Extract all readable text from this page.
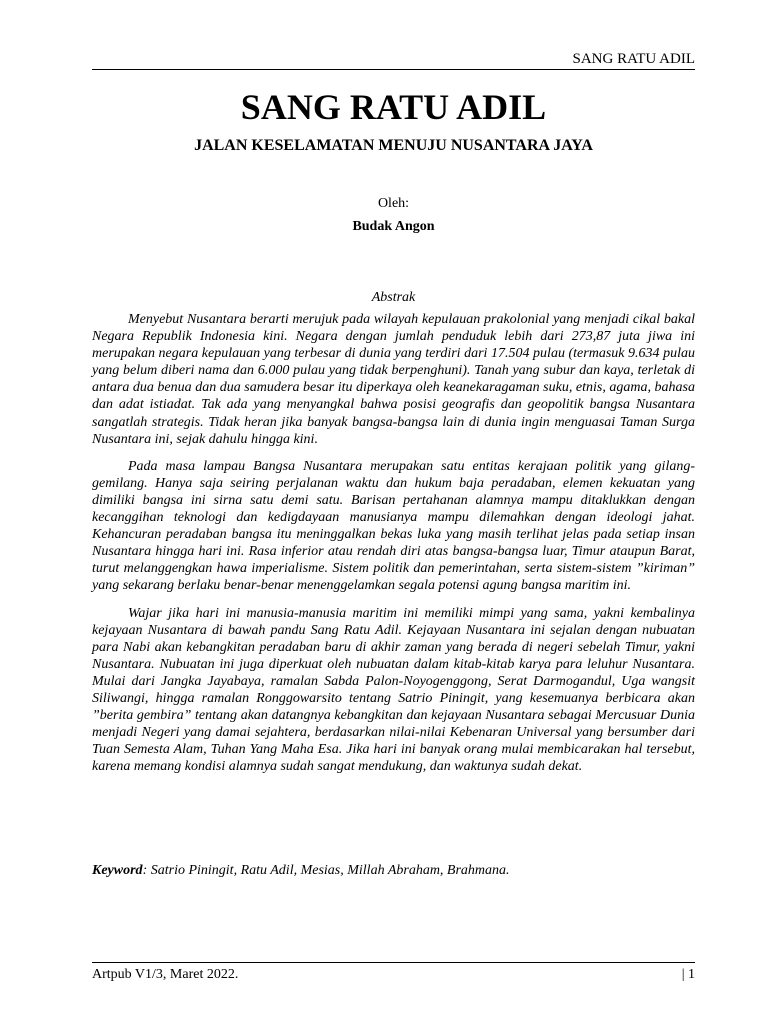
SANG RATU ADIL
SANG RATU ADIL
JALAN KESELAMATAN MENUJU NUSANTARA JAYA
Oleh:
Budak Angon
Abstrak

Menyebut Nusantara berarti merujuk pada wilayah kepulauan prakolonial yang menjadi cikal bakal Negara Republik Indonesia kini. Negara dengan jumlah penduduk lebih dari 273,87 juta jiwa ini merupakan negara kepulauan yang terbesar di dunia yang terdiri dari 17.504 pulau (termasuk 9.634 pulau yang belum diberi nama dan 6.000 pulau yang tidak berpenghuni). Tanah yang subur dan kaya, terletak di antara dua benua dan dua samudera besar itu diperkaya oleh keanekaragaman suku, etnis, agama, bahasa dan adat istiadat. Tak ada yang menyangkal bahwa posisi geografis dan geopolitik bangsa Nusantara sangatlah strategis. Tidak heran jika banyak bangsa-bangsa lain di dunia ingin menguasai Taman Surga Nusantara ini, sejak dahulu hingga kini.

Pada masa lampau Bangsa Nusantara merupakan satu entitas kerajaan politik yang gilang-gemilang. Hanya saja seiring perjalanan waktu dan hukum baja peradaban, elemen kekuatan yang dimiliki bangsa ini sirna satu demi satu. Barisan pertahanan alamnya mampu ditaklukkan dengan kecanggihan teknologi dan kedigdayaan manusianya mampu dilemahkan dengan ideologi jahat. Kehancuran peradaban bangsa itu meninggalkan bekas luka yang masih terlihat jelas pada setiap insan Nusantara hingga hari ini. Rasa inferior atau rendah diri atas bangsa-bangsa luar, Timur ataupun Barat, turut melanggengkan hawa imperialisme. Sistem politik dan pemerintahan, serta sistem-sistem ”kiriman” yang sekarang berlaku benar-benar menenggelamkan segala potensi agung bangsa maritim ini.

Wajar jika hari ini manusia-manusia maritim ini memiliki mimpi yang sama, yakni kembalinya kejayaan Nusantara di bawah pandu Sang Ratu Adil. Kejayaan Nusantara ini sejalan dengan nubuatan para Nabi akan kebangkitan peradaban baru di akhir zaman yang berada di negeri sebelah Timur, yakni Nusantara. Nubuatan ini juga diperkuat oleh nubuatan dalam kitab-kitab karya para leluhur Nusantara. Mulai dari Jangka Jayabaya, ramalan Sabda Palon-Noyogenggong, Serat Darmogandul, Uga wangsit Siliwangi, hingga ramalan Ronggowarsito tentang Satrio Piningit, yang kesemuanya berbicara akan ”berita gembira” tentang akan datangnya kebangkitan dan kejayaan Nusantara sebagai Mercusuar Dunia menjadi Negeri yang damai sejahtera, berdasarkan nilai-nilai Kebenaran Universal yang bersumber dari Tuan Semesta Alam, Tuhan Yang Maha Esa. Jika hari ini banyak orang mulai membicarakan hal tersebut, karena memang kondisi alamnya sudah sangat mendukung, dan waktunya sudah dekat.

Keyword: Satrio Piningit, Ratu Adil, Mesias, Millah Abraham, Brahmana.
Artpub V1/3, Maret 2022.	| 1
